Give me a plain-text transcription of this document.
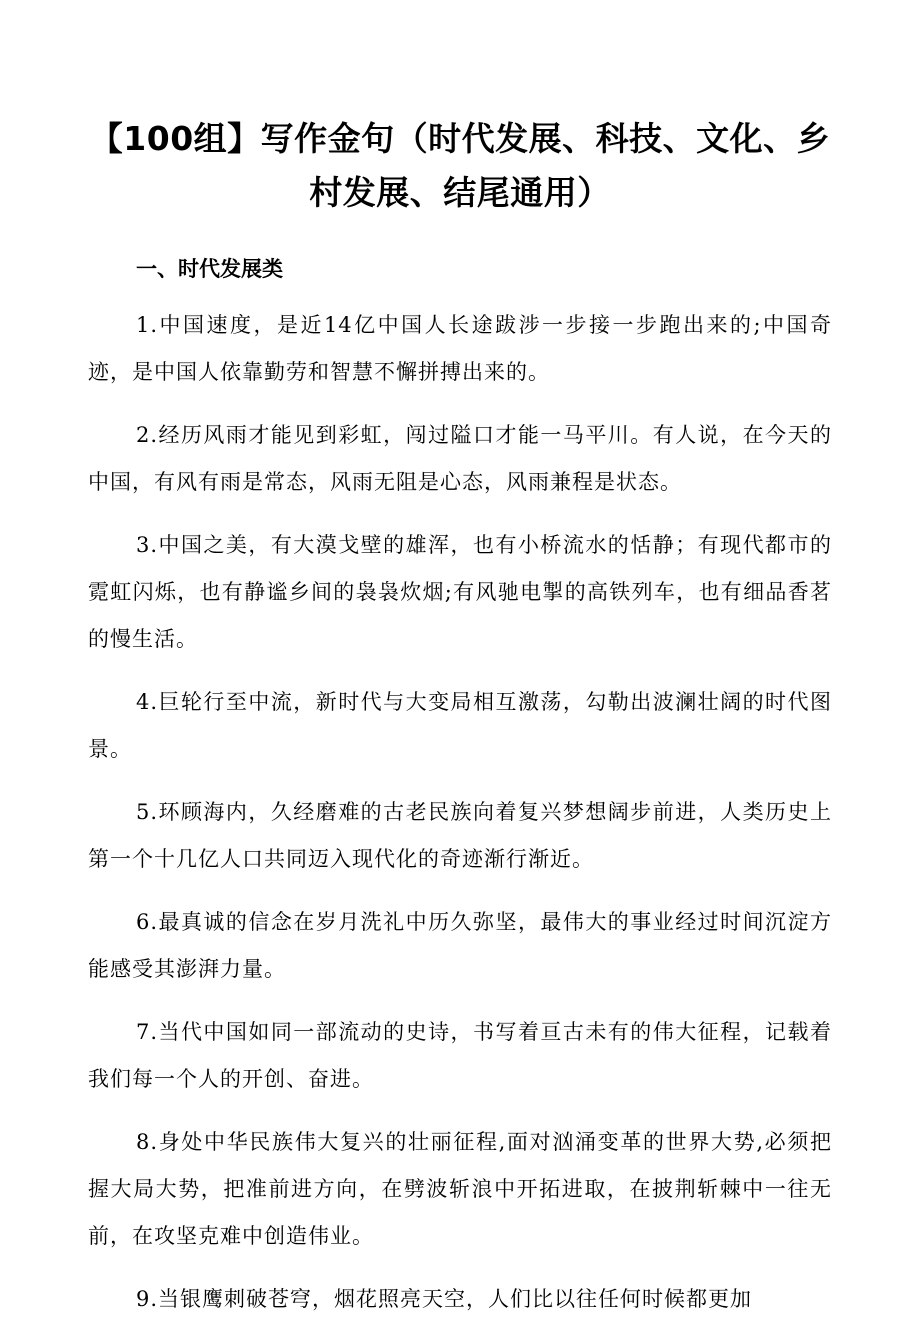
【100组】写作金句（时代发展、科技、文化、乡村发展、结尾通用）
一、时代发展类

1.中国速度，是近14亿中国人长途跋涉一步接一步跑出来的;中国奇迹，是中国人依靠勤劳和智慧不懈拼搏出来的。

2.经历风雨才能见到彩虹，闯过隘口才能一马平川。有人说，在今天的中国，有风有雨是常态，风雨无阻是心态，风雨兼程是状态。

3.中国之美，有大漠戈壁的雄浑，也有小桥流水的恬静；有现代都市的霓虹闪烁，也有静谧乡间的袅袅炊烟;有风驰电掣的高铁列车，也有细品香茗的慢生活。

4.巨轮行至中流，新时代与大变局相互激荡，勾勒出波澜壮阔的时代图景。

5.环顾海内，久经磨难的古老民族向着复兴梦想阔步前进，人类历史上第一个十几亿人口共同迈入现代化的奇迹渐行渐近。

6.最真诚的信念在岁月洗礼中历久弥坚，最伟大的事业经过时间沉淀方能感受其澎湃力量。

7.当代中国如同一部流动的史诗，书写着亘古未有的伟大征程，记载着我们每一个人的开创、奋进。

8.身处中华民族伟大复兴的壮丽征程,面对汹涌变革的世界大势,必须把握大局大势，把准前进方向，在劈波斩浪中开拓进取，在披荆斩棘中一往无前，在攻坚克难中创造伟业。

9.当银鹰刺破苍穹，烟花照亮天空，人们比以往任何时候都更加
